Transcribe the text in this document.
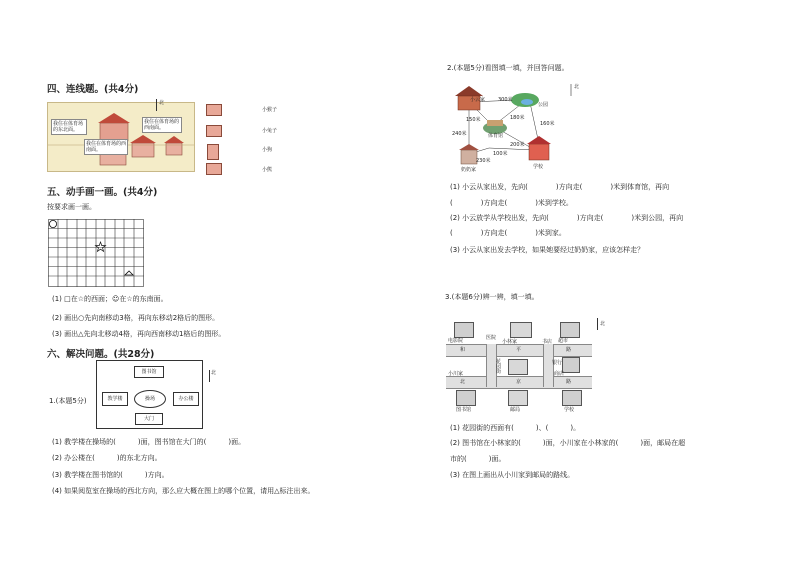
四、连线题。(共4分)
我住在体育场的东北面。
我住在体育场的西南面。
我住在体育场的西南面。
北
小猴子
小兔子
小狗
小熊
五、动手画一画。(共4分)
按要求画一画。
(1) □在☆的西面；☺在☆的东南面。
(2) 画出○先向南移动3格，再向东移动2格后的图形。
(3) 画出△先向北移动4格，再向西南移动1格后的图形。
六、解决问题。(共28分)
1.(本题5分)
图书馆
教学楼	操场	办公楼
大门
北
(1) 教学楼在操场的(	)面，图书馆在大门的(	)面。
(2) 办公楼在(	)的东北方向。
(3) 教学楼在图书馆的(	)方向。
(4) 如果阅览室在操场的西北方向，那么应大概在图上的哪个位置，请用△标注出来。
2.(本题5分)看图填一填，并回答问题。
小云家
公园
体育馆
奶奶家	学校
北
300米
240米
150米	180米
160米
200米
100米
230米
(1) 小云从家出发，先向(	)方向走(	)米到体育馆，再向
(	)方向走(	)米到学校。
(2) 小云放学从学校出发，先向(	)方向走(	)米到公园，再向
(	)方向走(	)米到家。
(3) 小云从家出发去学校，如果她要经过奶奶家，应该怎样走？
3.(本题6分)辨一辨，填一填。
和	平	路
北	京	路
电影院	小林家
医院	超市
书店
银行
花园街
小川家
图书馆	邮局
商店
学校
北
(1) 花园街的西面有(	)、(	)。
(2) 图书馆在小林家的(	)面，小川家在小林家的(	)面，邮局在超
市的(	)面。
(3) 在图上画出从小川家到邮局的路线。
